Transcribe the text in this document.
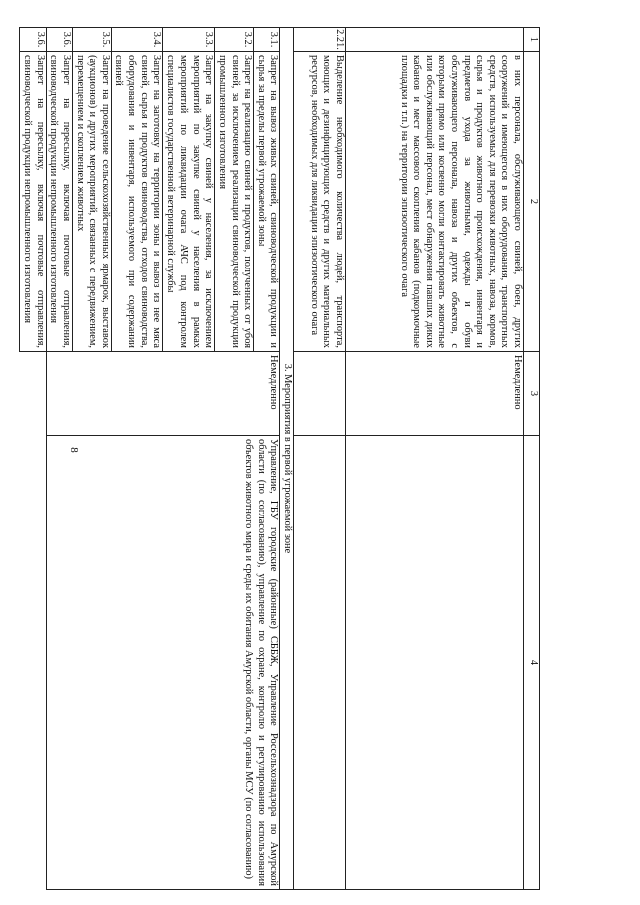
8
1	2	3	4
	в них персонала, обслуживающего свиней, боен, других сооружений и имеющегося в них оборудования, транспортных средств, используемых для перевозки животных, навоза, кормов, сырья и продуктов животного происхождения, инвентаря и предметов ухода за животными, одежды и обуви обслуживающего персонала, навоза и других объектов, с которыми прямо или косвенно могли контактировать животные или обслуживающий персонал, мест обнаружения павших диких кабанов и мест массового скопления кабанов (подкормочные площадки и т.п.) на территории эпизоотического очага	Немедленно	
2.21.	Выделение необходимого количества людей, транспорта, моющих и дезинфицирующих средств и других материальных ресурсов, необходимых для ликвидации эпизоотического очага		
3. Мероприятия в первой угрожаемой зоне			
3.1.	Запрет на вывоз живых свиней, свиноводческой продукции и сырья за пределы первой угрожаемой зоны	Немедленно	Управление, ГБУ городские (районные) СББЖ, Управление Россельхознадзора по Амурской области (по согласованию), управление по охране, контролю и регулированию использования объектов животного мира и среды их обитания Амурской области, органы МСУ (по согласованию)
3.2.	Запрет на реализацию свиней и продуктов, полученных от убоя свиней, за исключением реализации свиноводческой продукции промышленного изготовления		
3.3.	Запрет на закупку свиней у населения, за исключением мероприятий по закупке свиней у населения в рамках мероприятий по ликвидации очага АЧС под контролем специалистов государственной ветеринарной службы		
3.4.	Запрет на заготовку на территории зоны и вывоз из нее мяса свиней, сырья и продуктов свиноводства, отходов свиноводства, оборудования и инвентаря, используемого при содержании свиней		
3.5.	Запрет на проведение сельскохозяйственных ярмарок, выставок (аукционов) и других мероприятий, связанных с передвижением, перемещением и скоплением животных		
3.6.	Запрет на пересылку, включая почтовые отправления, свиноводческой продукции непромышленного изготовления		
3.6.	Запрет на пересылку, включая почтовые отправления, свиноводческой продукции непромышленного изготовления		
